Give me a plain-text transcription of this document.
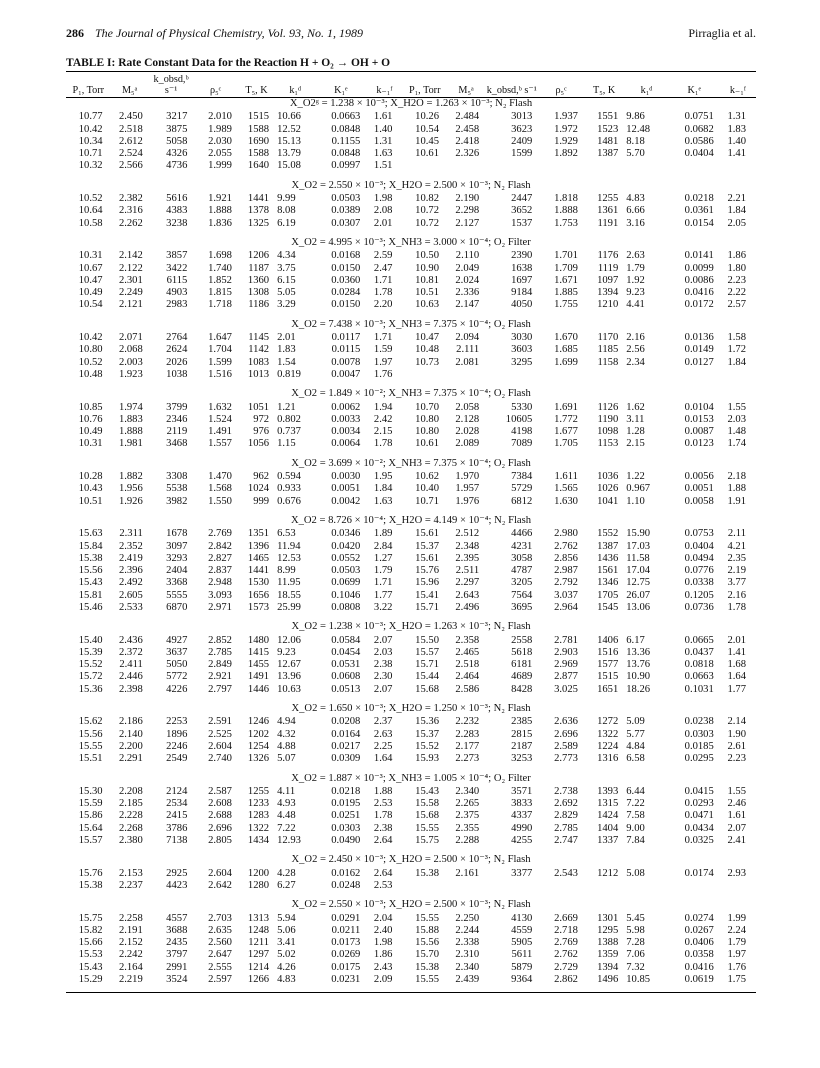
286 The Journal of Physical Chemistry, Vol. 93, No. 1, 1989	Pirraglia et al.
TABLE I: Rate Constant Data for the Reaction H + O₂ → OH + O
P₁, Torr	M₅ᵃ	k_obsd,ᵇ s⁻¹	ρ₅ᶜ	T₅, K	k₁ᵈ	K₁ᵉ	k₋₁ᶠ	P₁, Torr	M₅ᵃ	k_obsd,ᵇ s⁻¹	ρ₅ᶜ	T₅, K	k₁ᵈ	K₁ᵉ	k₋₁ᶠ
X_O2ᵍ = 1.238 × 10⁻³; X_H2O = 1.263 × 10⁻³; N₂ Flash															
10.77	2.450	3217	2.010	1515	10.66	0.0663	1.61	10.26	2.484	3013	1.937	1551	9.86	0.0751	1.31
10.42	2.518	3875	1.989	1588	12.52	0.0848	1.40	10.54	2.458	3623	1.972	1523	12.48	0.0682	1.83
10.34	2.612	5058	2.030	1690	15.13	0.1155	1.31	10.45	2.418	2409	1.929	1481	8.18	0.0586	1.40
10.71	2.524	4326	2.055	1588	13.79	0.0848	1.63	10.61	2.326	1599	1.892	1387	5.70	0.0404	1.41
10.32	2.566	4736	1.999	1640	15.08	0.0997	1.51								
X_O2 = 2.550 × 10⁻³; X_H2O = 2.500 × 10⁻³; N₂ Flash															
10.52	2.382	5616	1.921	1441	9.99	0.0503	1.98	10.82	2.190	2447	1.818	1255	4.83	0.0218	2.21
10.64	2.316	4383	1.888	1378	8.08	0.0389	2.08	10.72	2.298	3652	1.888	1361	6.66	0.0361	1.84
10.58	2.262	3238	1.836	1325	6.19	0.0307	2.01	10.72	2.127	1537	1.753	1191	3.16	0.0154	2.05
X_O2 = 4.995 × 10⁻³; X_NH3 = 3.000 × 10⁻⁴; O₂ Filter															
10.31	2.142	3857	1.698	1206	4.34	0.0168	2.59	10.50	2.110	2390	1.701	1176	2.63	0.0141	1.86
10.67	2.122	3422	1.740	1187	3.75	0.0150	2.47	10.90	2.049	1638	1.709	1119	1.79	0.0099	1.80
10.47	2.301	6115	1.852	1360	6.15	0.0360	1.71	10.81	2.024	1697	1.671	1097	1.92	0.0086	2.23
10.49	2.249	4903	1.815	1308	5.05	0.0284	1.78	10.51	2.336	9184	1.885	1394	9.23	0.0416	2.22
10.54	2.121	2983	1.718	1186	3.29	0.0150	2.20	10.63	2.147	4050	1.755	1210	4.41	0.0172	2.57
X_O2 = 7.438 × 10⁻³; X_NH3 = 7.375 × 10⁻⁴; O₂ Flash															
10.42	2.071	2764	1.647	1145	2.01	0.0117	1.71	10.47	2.094	3030	1.670	1170	2.16	0.0136	1.58
10.80	2.068	2624	1.704	1142	1.83	0.0115	1.59	10.48	2.111	3603	1.685	1185	2.56	0.0149	1.72
10.52	2.003	2026	1.599	1083	1.54	0.0078	1.97	10.73	2.081	3295	1.699	1158	2.34	0.0127	1.84
10.48	1.923	1038	1.516	1013	0.819	0.0047	1.76								
X_O2 = 1.849 × 10⁻²; X_NH3 = 7.375 × 10⁻⁴; O₂ Flash															
10.85	1.974	3799	1.632	1051	1.21	0.0062	1.94	10.70	2.058	5330	1.691	1126	1.62	0.0104	1.55
10.76	1.883	2346	1.524	972	0.802	0.0033	2.42	10.80	2.128	10605	1.772	1190	3.11	0.0153	2.03
10.49	1.888	2119	1.491	976	0.737	0.0034	2.15	10.80	2.028	4198	1.677	1098	1.28	0.0087	1.48
10.31	1.981	3468	1.557	1056	1.15	0.0064	1.78	10.61	2.089	7089	1.705	1153	2.15	0.0123	1.74
X_O2 = 3.699 × 10⁻²; X_NH3 = 7.375 × 10⁻⁴; O₂ Flash															
10.28	1.882	3308	1.470	962	0.594	0.0030	1.95	10.62	1.970	7384	1.611	1036	1.22	0.0056	2.18
10.43	1.956	5538	1.568	1024	0.933	0.0051	1.84	10.40	1.957	5729	1.565	1026	0.967	0.0051	1.88
10.51	1.926	3982	1.550	999	0.676	0.0042	1.63	10.71	1.976	6812	1.630	1041	1.10	0.0058	1.91
X_O2 = 8.726 × 10⁻⁴; X_H2O = 4.149 × 10⁻⁴; N₂ Flash															
15.63	2.311	1678	2.769	1351	6.53	0.0346	1.89	15.61	2.512	4466	2.980	1552	15.90	0.0753	2.11
15.84	2.352	3097	2.842	1396	11.94	0.0420	2.84	15.37	2.348	4231	2.762	1387	17.03	0.0404	4.21
15.38	2.419	3293	2.827	1465	12.53	0.0552	1.27	15.61	2.395	3058	2.856	1436	11.58	0.0494	2.35
15.56	2.396	2404	2.837	1441	8.99	0.0503	1.79	15.76	2.511	4787	2.987	1561	17.04	0.0776	2.19
15.43	2.492	3368	2.948	1530	11.95	0.0699	1.71	15.96	2.297	3205	2.792	1346	12.75	0.0338	3.77
15.81	2.605	5555	3.093	1656	18.55	0.1046	1.77	15.41	2.643	7564	3.037	1705	26.07	0.1205	2.16
15.46	2.533	6870	2.971	1573	25.99	0.0808	3.22	15.71	2.496	3695	2.964	1545	13.06	0.0736	1.78
X_O2 = 1.238 × 10⁻³; X_H2O = 1.263 × 10⁻³; N₂ Flash															
15.40	2.436	4927	2.852	1480	12.06	0.0584	2.07	15.50	2.358	2558	2.781	1406	6.17	0.0665	2.01
15.39	2.372	3637	2.785	1415	9.23	0.0454	2.03	15.57	2.465	5618	2.903	1516	13.36	0.0437	1.41
15.52	2.411	5050	2.849	1455	12.67	0.0531	2.38	15.71	2.518	6181	2.969	1577	13.76	0.0818	1.68
15.72	2.446	5772	2.921	1491	13.96	0.0608	2.30	15.44	2.464	4689	2.877	1515	10.90	0.0663	1.64
15.36	2.398	4226	2.797	1446	10.63	0.0513	2.07	15.68	2.586	8428	3.025	1651	18.26	0.1031	1.77
X_O2 = 1.650 × 10⁻³; X_H2O = 1.250 × 10⁻³; N₂ Flash															
15.62	2.186	2253	2.591	1246	4.94	0.0208	2.37	15.36	2.232	2385	2.636	1272	5.09	0.0238	2.14
15.56	2.140	1896	2.525	1202	4.32	0.0164	2.63	15.37	2.283	2815	2.696	1322	5.77	0.0303	1.90
15.55	2.200	2246	2.604	1254	4.88	0.0217	2.25	15.52	2.177	2187	2.589	1224	4.84	0.0185	2.61
15.51	2.291	2549	2.740	1326	5.07	0.0309	1.64	15.93	2.273	3253	2.773	1316	6.58	0.0295	2.23
X_O2 = 1.887 × 10⁻³; X_NH3 = 1.005 × 10⁻⁴; O₂ Filter															
15.30	2.208	2124	2.587	1255	4.11	0.0218	1.88	15.43	2.340	3571	2.738	1393	6.44	0.0415	1.55
15.59	2.185	2534	2.608	1233	4.93	0.0195	2.53	15.58	2.265	3833	2.692	1315	7.22	0.0293	2.46
15.86	2.228	2415	2.688	1283	4.48	0.0251	1.78	15.68	2.375	4337	2.829	1424	7.58	0.0471	1.61
15.64	2.268	3786	2.696	1322	7.22	0.0303	2.38	15.55	2.355	4990	2.785	1404	9.00	0.0434	2.07
15.57	2.380	7138	2.805	1434	12.93	0.0490	2.64	15.75	2.288	4255	2.747	1337	7.84	0.0325	2.41
X_O2 = 2.450 × 10⁻³; X_H2O = 2.500 × 10⁻³; N₂ Flash															
15.76	2.153	2925	2.604	1200	4.28	0.0162	2.64	15.38	2.161	3377	2.543	1212	5.08	0.0174	2.93
15.38	2.237	4423	2.642	1280	6.27	0.0248	2.53								
X_O2 = 2.550 × 10⁻³; X_H2O = 2.500 × 10⁻³; N₂ Flash															
15.75	2.258	4557	2.703	1313	5.94	0.0291	2.04	15.55	2.250	4130	2.669	1301	5.45	0.0274	1.99
15.82	2.191	3688	2.635	1248	5.06	0.0211	2.40	15.88	2.244	4559	2.718	1295	5.98	0.0267	2.24
15.66	2.152	2435	2.560	1211	3.41	0.0173	1.98	15.56	2.338	5905	2.769	1388	7.28	0.0406	1.79
15.53	2.242	3797	2.647	1297	5.02	0.0269	1.86	15.70	2.310	5611	2.762	1359	7.06	0.0358	1.97
15.43	2.164	2991	2.555	1214	4.26	0.0175	2.43	15.38	2.340	5879	2.729	1394	7.32	0.0416	1.76
15.29	2.219	3524	2.597	1266	4.83	0.0231	2.09	15.55	2.439	9364	2.862	1496	10.85	0.0619	1.75
